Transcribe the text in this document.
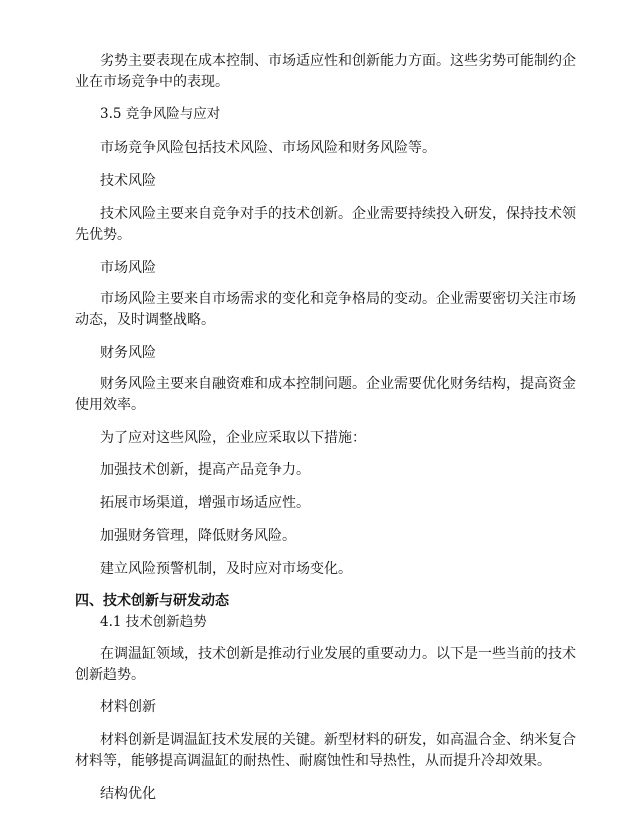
劣势主要表现在成本控制、市场适应性和创新能力方面。这些劣势可能制约企业在市场竞争中的表现。

3.5 竞争风险与应对

市场竞争风险包括技术风险、市场风险和财务风险等。

技术风险

技术风险主要来自竞争对手的技术创新。企业需要持续投入研发，保持技术领先优势。

市场风险

市场风险主要来自市场需求的变化和竞争格局的变动。企业需要密切关注市场动态，及时调整战略。

财务风险

财务风险主要来自融资难和成本控制问题。企业需要优化财务结构，提高资金使用效率。

为了应对这些风险，企业应采取以下措施：

加强技术创新，提高产品竞争力。

拓展市场渠道，增强市场适应性。

加强财务管理，降低财务风险。

建立风险预警机制，及时应对市场变化。

四、技术创新与研发动态

4.1 技术创新趋势

在调温缸领域，技术创新是推动行业发展的重要动力。以下是一些当前的技术创新趋势。

材料创新

材料创新是调温缸技术发展的关键。新型材料的研发，如高温合金、纳米复合材料等，能够提高调温缸的耐热性、耐腐蚀性和导热性，从而提升冷却效果。

结构优化
